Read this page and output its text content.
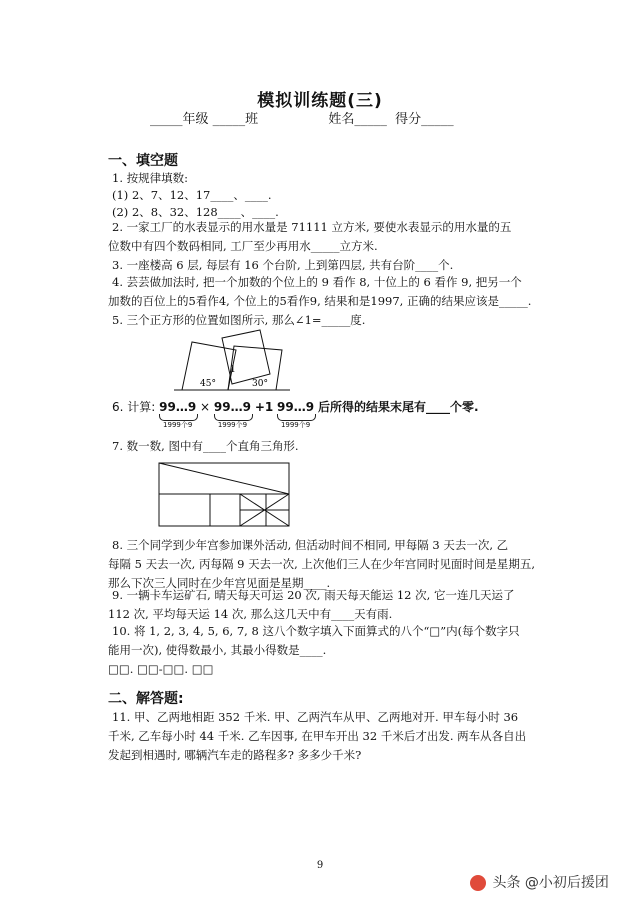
模拟训练题(三)
_____年级 _____班                 姓名_____  得分_____
一、填空题
1. 按规律填数:
(1) 2、7、12、17____、____.
(2) 2、8、32、128____、____.
2. 一家工厂的水表显示的用水量是 71111 立方米, 要使水表显示的用水量的五
位数中有四个数码相同, 工厂至少再用水_____立方米.
3. 一座楼高 6 层, 每层有 16 个台阶, 上到第四层, 共有台阶____个.
4. 芸芸做加法时, 把一个加数的个位上的 9 看作 8, 十位上的 6 看作 9, 把另一个
加数的百位上的5看作4, 个位上的5看作9, 结果和是1997, 正确的结果应该是_____.
5. 三个正方形的位置如图所示, 那么∠1=_____度.
45°
1
30°
6. 计算: 99…9
1999个9
× 99…9
1999个9
+1 99…9
1999个9
后所得的结果末尾有____个零.
7. 数一数, 图中有____个直角三角形.
8. 三个同学到少年宫参加课外活动, 但活动时间不相同, 甲每隔 3 天去一次, 乙
每隔 5 天去一次, 丙每隔 9 天去一次, 上次他们三人在少年宫同时见面时间是星期五,
那么下次三人同时在少年宫见面是星期____.
9. 一辆卡车运矿石, 晴天每天可运 20 次, 雨天每天能运 12 次, 它一连几天运了
112 次, 平均每天运 14 次, 那么这几天中有____天有雨.
10. 将 1, 2, 3, 4, 5, 6, 7, 8 这八个数字填入下面算式的八个“□”内(每个数字只
能用一次), 使得数最小, 其最小得数是____.
□□. □□-□□. □□
二、解答题:
11. 甲、乙两地相距 352 千米. 甲、乙两汽车从甲、乙两地对开. 甲车每小时 36
千米, 乙车每小时 44 千米. 乙车因事, 在甲车开出 32 千米后才出发. 两车从各自出
发起到相遇时, 哪辆汽车走的路程多? 多多少千米?
9
头条 @小初后援团
